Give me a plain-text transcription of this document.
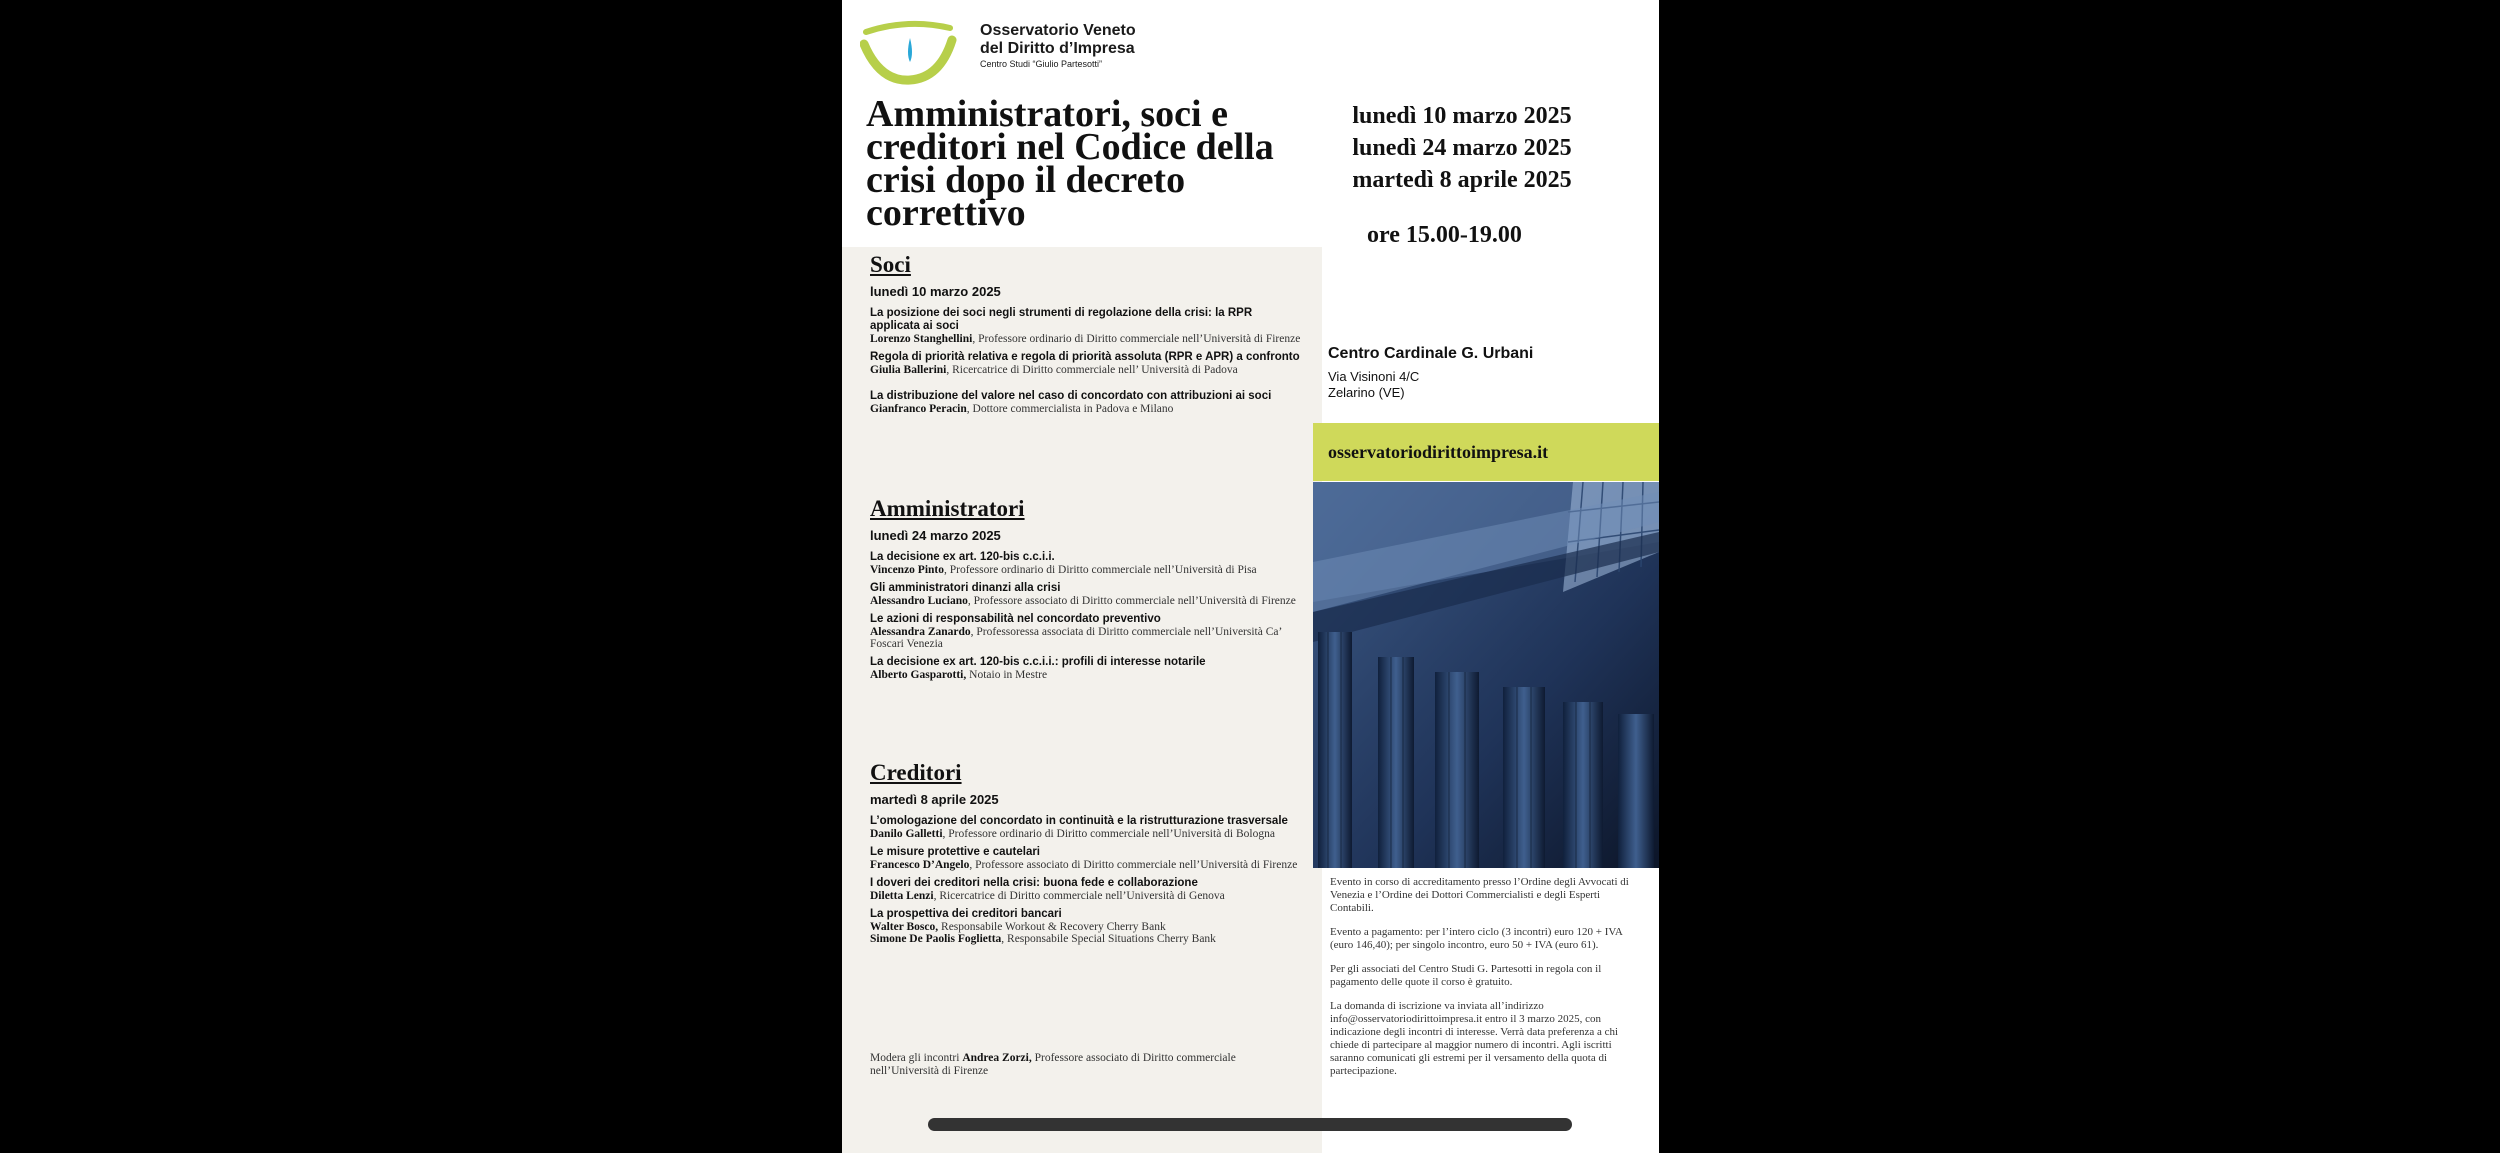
Osservatorio Veneto
del Diritto d’Impresa
Centro Studi “Giulio Partesotti”
Amministratori, soci e creditori nel Codice della crisi dopo il decreto correttivo
lunedì 10 marzo 2025
lunedì 24 marzo 2025
martedì 8 aprile 2025
ore 15.00-19.00
Centro Cardinale G. Urbani
Via Visinoni 4/C
Zelarino (VE)
osservatoriodirittoimpresa.it

Evento in corso di accreditamento presso l’Ordine degli Avvocati di Venezia e l’Ordine dei Dottori Commercialisti e degli Esperti Contabili.

Evento a pagamento: per l’intero ciclo (3 incontri) euro 120 + IVA (euro 146,40); per singolo incontro, euro 50 + IVA (euro 61).

Per gli associati del Centro Studi G. Partesotti in regola con il pagamento delle quote il corso è gratuito.

La domanda di iscrizione va inviata all’indirizzo info@osservatoriodirittoimpresa.it entro il 3 marzo 2025, con indicazione degli incontri di interesse. Verrà data preferenza a chi chiede di partecipare al maggior numero di incontri. Agli iscritti saranno comunicati gli estremi per il versamento della quota di partecipazione.

Soci
lunedì 10 marzo 2025
La posizione dei soci negli strumenti di regolazione della crisi: la RPR applicata ai soci
Lorenzo Stanghellini, Professore ordinario di Diritto commerciale nell’Università di Firenze
Regola di priorità relativa e regola di priorità assoluta (RPR e APR) a confronto
Giulia Ballerini, Ricercatrice di Diritto commerciale nell’ Università di Padova
La distribuzione del valore nel caso di concordato con attribuzioni ai soci
Gianfranco Peracin, Dottore commercialista in Padova e Milano
Amministratori
lunedì 24 marzo 2025
La decisione ex art. 120-bis c.c.i.i.
Vincenzo Pinto, Professore ordinario di Diritto commerciale nell’Università di Pisa
Gli amministratori dinanzi alla crisi
Alessandro Luciano, Professore associato di Diritto commerciale nell’Università di Firenze
Le azioni di responsabilità nel concordato preventivo
Alessandra Zanardo, Professoressa associata di Diritto commerciale nell’Università Ca’ Foscari Venezia
La decisione ex art. 120-bis c.c.i.i.: profili di interesse notarile
Alberto Gasparotti, Notaio in Mestre
Creditori
martedì 8 aprile 2025
L’omologazione del concordato in continuità e la ristrutturazione trasversale
Danilo Galletti, Professore ordinario di Diritto commerciale nell’Università di Bologna
Le misure protettive e cautelari
Francesco D’Angelo, Professore associato di Diritto commerciale nell’Università di Firenze
I doveri dei creditori nella crisi: buona fede e collaborazione
Diletta Lenzi, Ricercatrice di Diritto commerciale nell’Università di Genova
La prospettiva dei creditori bancari
Walter Bosco, Responsabile Workout & Recovery Cherry Bank
Simone De Paolis Foglietta, Responsabile Special Situations Cherry Bank
Modera gli incontri Andrea Zorzi, Professore associato di Diritto commerciale nell’Università di Firenze
